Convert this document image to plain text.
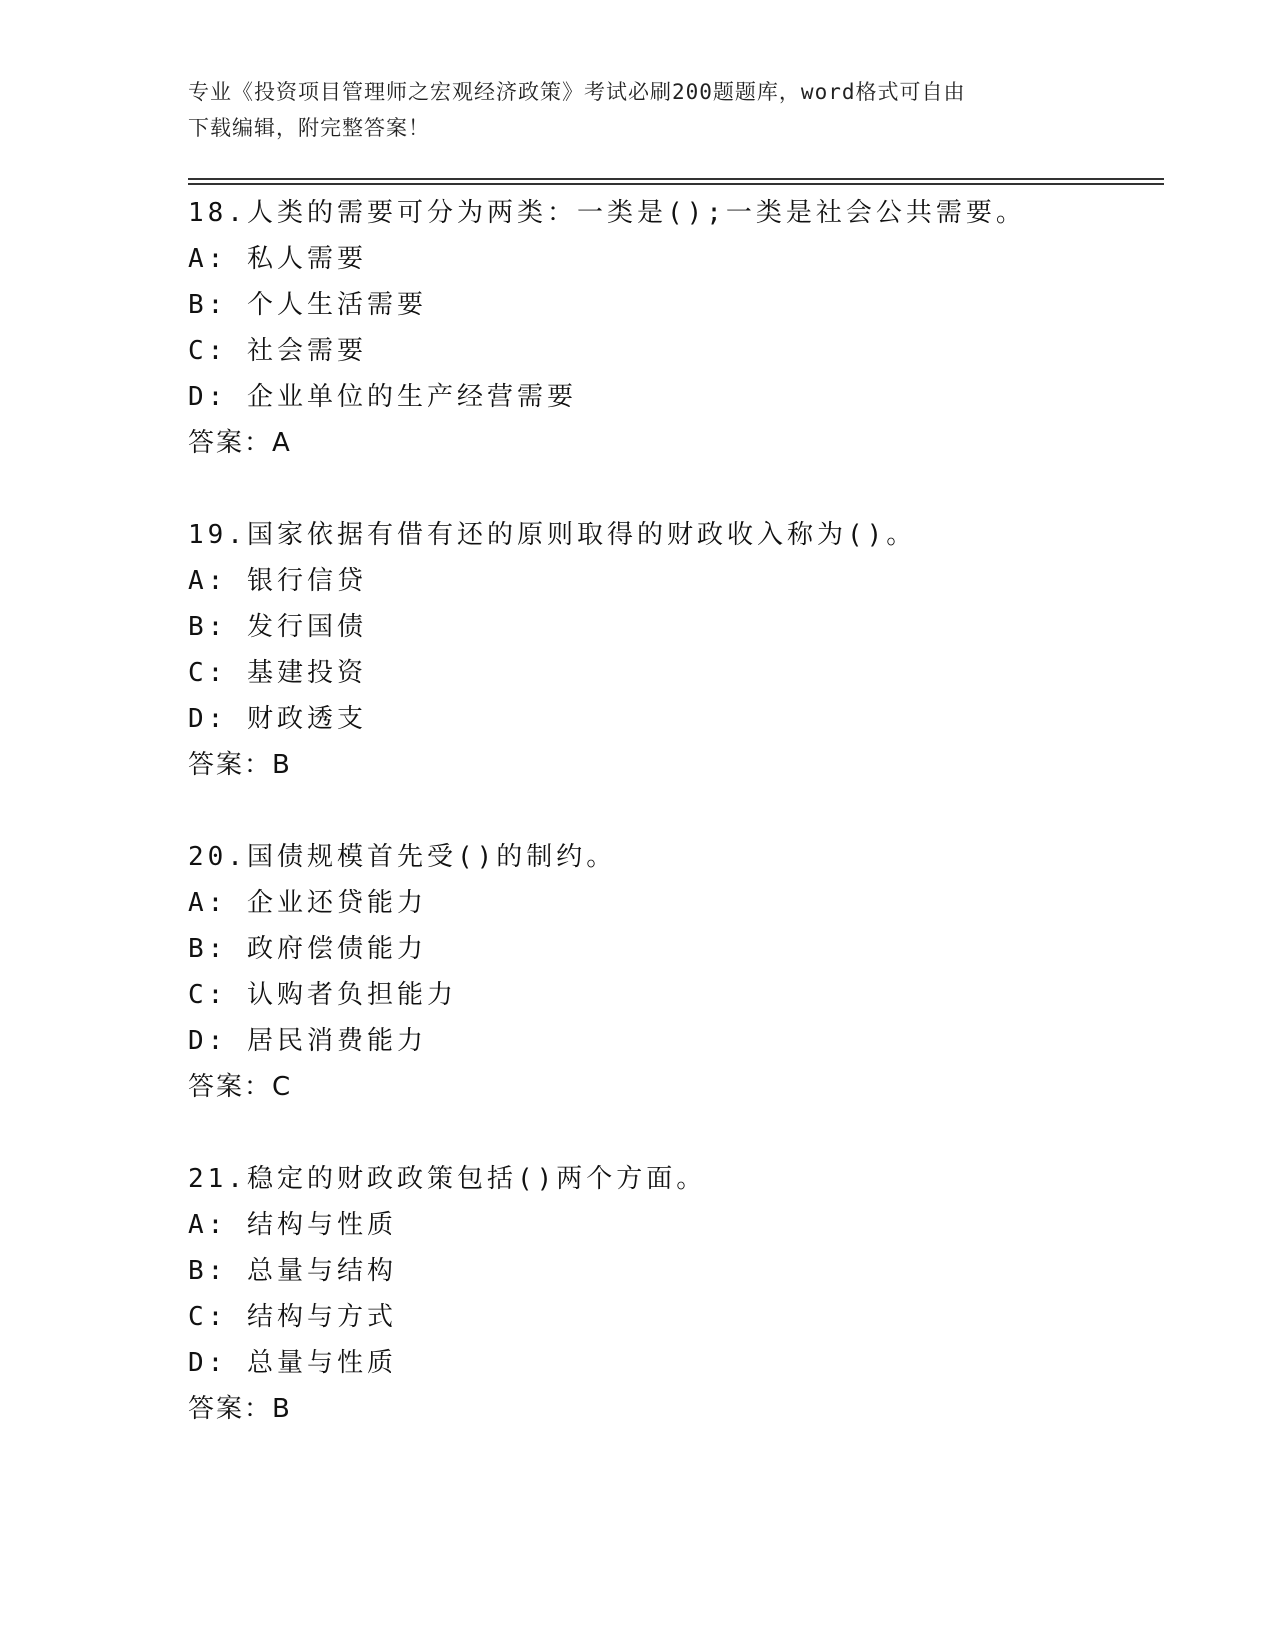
专业《投资项目管理师之宏观经济政策》考试必刷200题题库，word格式可自由
下载编辑，附完整答案！
18.人类的需要可分为两类：一类是();一类是社会公共需要。
A: 私人需要
B: 个人生活需要
C: 社会需要
D: 企业单位的生产经营需要
答案：A
19.国家依据有借有还的原则取得的财政收入称为()。
A: 银行信贷
B: 发行国债
C: 基建投资
D: 财政透支
答案：B
20.国债规模首先受()的制约。
A: 企业还贷能力
B: 政府偿债能力
C: 认购者负担能力
D: 居民消费能力
答案：C
21.稳定的财政政策包括()两个方面。
A: 结构与性质
B: 总量与结构
C: 结构与方式
D: 总量与性质
答案：B
